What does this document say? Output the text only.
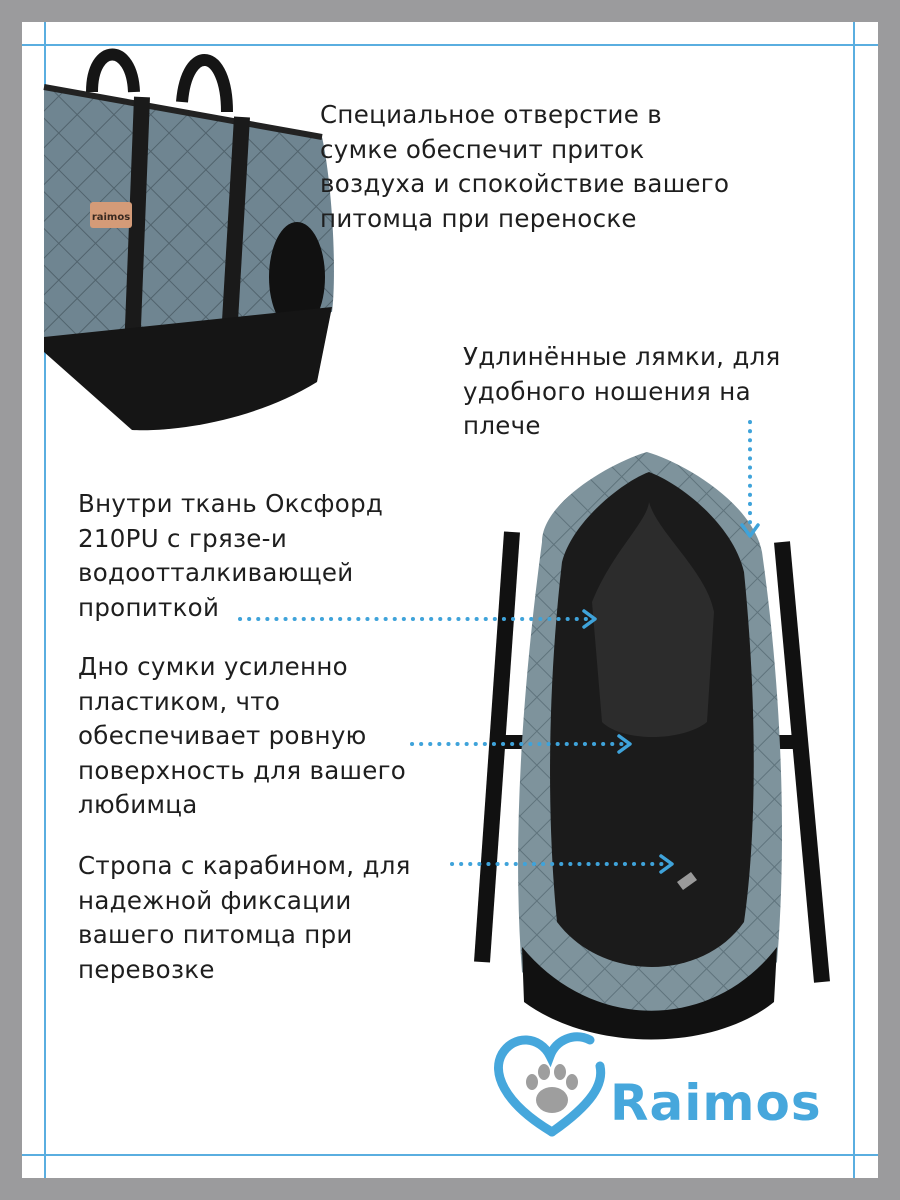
raimos
Специальное отверстие в
сумке обеспечит приток
воздуха и спокойствие вашего
питомца при переноске
Удлинённые лямки, для
удобного ношения на
плече
Внутри ткань Оксфорд
210PU с грязе-и
водоотталкивающей
пропиткой
Дно сумки усиленно
пластиком, что
обеспечивает ровную
поверхность для вашего
любимца
Стропа с карабином, для
надежной фиксации
вашего питомца при
перевозке
Raimos
